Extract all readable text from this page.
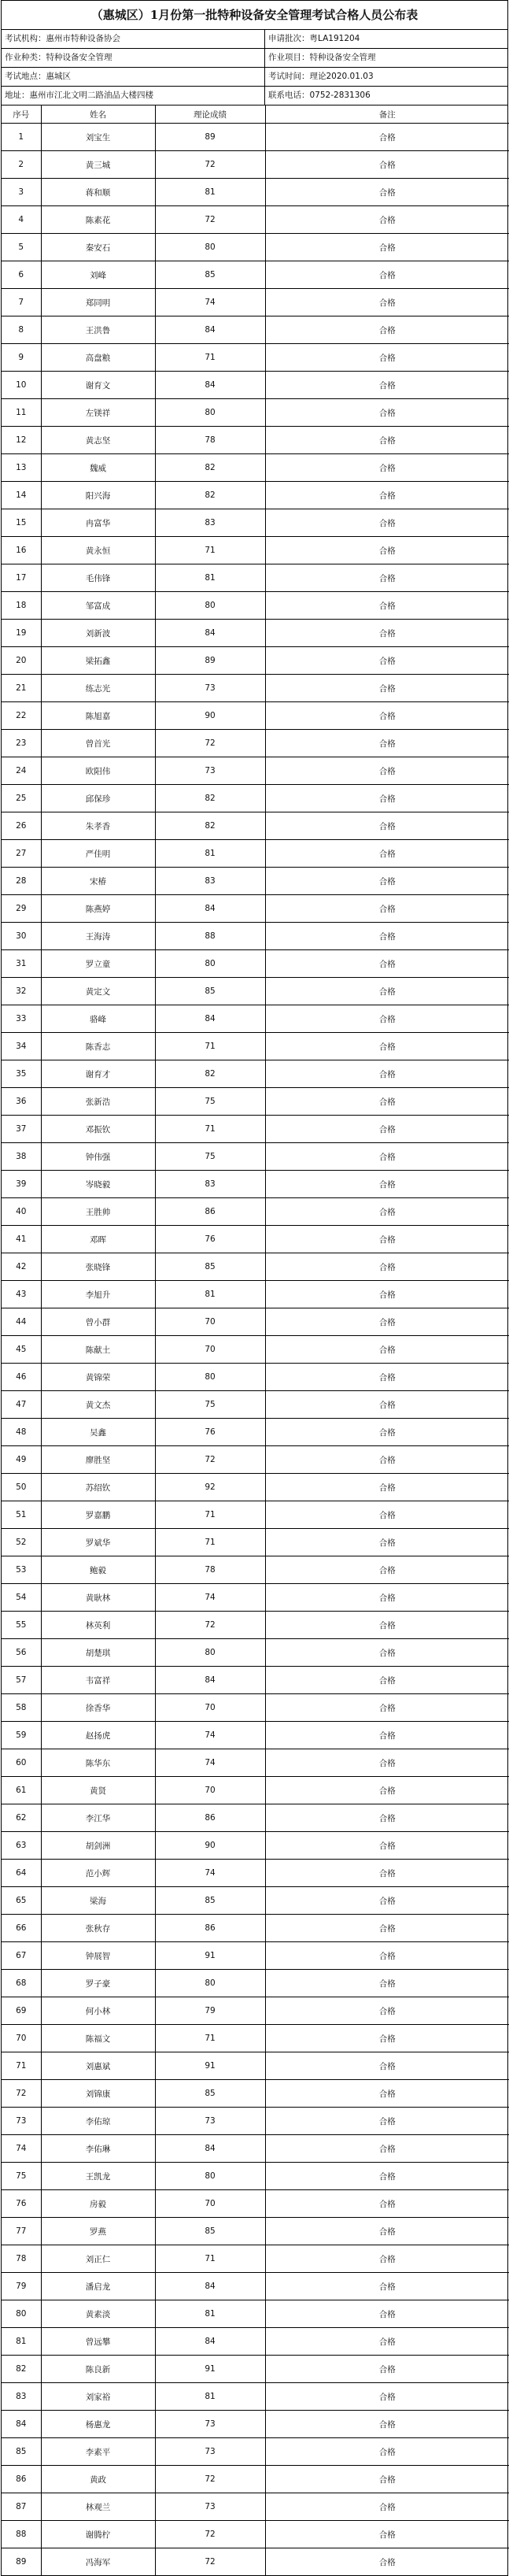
（惠城区）1月份第一批特种设备安全管理考试合格人员公布表
考试机构：惠州市特种设备协会	申请批次：粤LA191204
作业种类：特种设备安全管理	作业项目：特种设备安全管理
考试地点：惠城区	考试时间：理论2020.01.03
地址：惠州市江北文明二路油品大楼四楼	联系电话：0752-2831306
序号	姓名	理论成绩	备注
1	刘宝生	89	合格
2	黄三城	72	合格
3	蒋和顺	81	合格
4	陈素花	72	合格
5	秦安石	80	合格
6	刘峰	85	合格
7	郑同明	74	合格
8	王洪鲁	84	合格
9	高盘粮	71	合格
10	谢育文	84	合格
11	左镁祥	80	合格
12	黄志坚	78	合格
13	魏威	82	合格
14	阳兴海	82	合格
15	冉富华	83	合格
16	黄永恒	71	合格
17	毛伟锋	81	合格
18	邹富成	80	合格
19	刘新波	84	合格
20	梁拓鑫	89	合格
21	练志光	73	合格
22	陈旭嘉	90	合格
23	曾首光	72	合格
24	欧阳伟	73	合格
25	邱保珍	82	合格
26	朱孝香	82	合格
27	严佳明	81	合格
28	宋椿	83	合格
29	陈燕婷	84	合格
30	王海涛	88	合格
31	罗立童	80	合格
32	黄定文	85	合格
33	骆峰	84	合格
34	陈香志	71	合格
35	谢育才	82	合格
36	张新浩	75	合格
37	邓振钦	71	合格
38	钟伟强	75	合格
39	岑晓毅	83	合格
40	王胜帅	86	合格
41	邓晖	76	合格
42	张晓锋	85	合格
43	李旭升	81	合格
44	曾小群	70	合格
45	陈献土	70	合格
46	黄锦荣	80	合格
47	黄文杰	75	合格
48	吴鑫	76	合格
49	廖胜坚	72	合格
50	苏绍钦	92	合格
51	罗嘉鹏	71	合格
52	罗斌华	71	合格
53	鲍毅	78	合格
54	黄耿林	74	合格
55	林英利	72	合格
56	胡楚琪	80	合格
57	韦富祥	84	合格
58	徐香华	70	合格
59	赵扬虎	74	合格
60	陈华东	74	合格
61	黄贤	70	合格
62	李江华	86	合格
63	胡剑洲	90	合格
64	范小辉	74	合格
65	梁海	85	合格
66	张秋存	86	合格
67	钟展智	91	合格
68	罗子豪	80	合格
69	何小林	79	合格
70	陈福文	71	合格
71	刘惠斌	91	合格
72	刘锦康	85	合格
73	李佑琼	73	合格
74	李佑琳	84	合格
75	王凯龙	80	合格
76	房毅	70	合格
77	罗燕	85	合格
78	刘正仁	71	合格
79	潘启龙	84	合格
80	黄素淡	81	合格
81	曾远攀	84	合格
82	陈良新	91	合格
83	刘家裕	81	合格
84	杨惠龙	73	合格
85	李素平	73	合格
86	黄政	72	合格
87	林观兰	73	合格
88	谢腾柠	72	合格
89	冯海军	72	合格
